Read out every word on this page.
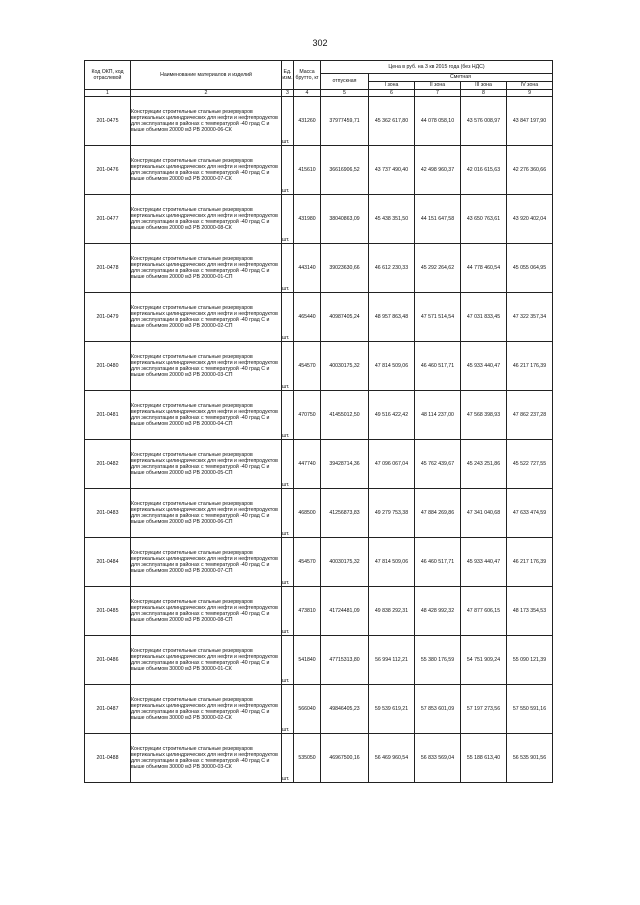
302
Код ОКП, код отраслевой	Наименование материалов и изделий	Ед. изм.	Масса брутто, кг	Цена в руб. на 3 кв 2015 года (без НДС)				
				отпускная	Сметная			
					I зона	II зона	III зона	IV зона
1	2	3	4	5	6	7	8	9
201-0475	Конструкции строительные стальные резервуаров вертикальных цилиндрических для нефти и нефтепродуктов для эксплуатации в районах с температурой -40 град С и выше объемом 20000 м3 РВ 20000-06-СК	шт.	431260	37977459,71	45 362 617,80	44 078 058,10	43 576 008,97	43 847 197,90
201-0476	Конструкции строительные стальные резервуаров вертикальных цилиндрических для нефти и нефтепродуктов для эксплуатации в районах с температурой -40 град С и выше объемом 20000 м3 РВ 20000-07-СК	шт.	415610	36616906,52	43 737 490,40	42 498 960,37	42 016 615,63	42 276 360,66
201-0477	Конструкции строительные стальные резервуаров вертикальных цилиндрических для нефти и нефтепродуктов для эксплуатации в районах с температурой -40 град С и выше объемом 20000 м3 РВ 20000-08-СК	шт.	431980	38040863,09	45 438 351,50	44 151 647,58	43 650 763,61	43 920 402,04
201-0478	Конструкции строительные стальные резервуаров вертикальных цилиндрических для нефти и нефтепродуктов для эксплуатации в районах с температурой -40 град С и выше объемом 20000 м3 РВ 20000-01-СП	шт.	443140	39023630,66	46 612 230,33	45 292 264,62	44 778 460,54	45 055 064,95
201-0479	Конструкции строительные стальные резервуаров вертикальных цилиндрических для нефти и нефтепродуктов для эксплуатации в районах с температурой -40 град С и выше объемом 20000 м3 РВ 20000-02-СП	шт.	465440	40987405,24	48 957 863,48	47 571 514,54	47 031 833,45	47 322 357,34
201-0480	Конструкции строительные стальные резервуаров вертикальных цилиндрических для нефти и нефтепродуктов для эксплуатации в районах с температурой -40 град С и выше объемом 20000 м3 РВ 20000-03-СП	шт.	454570	40030175,32	47 814 509,06	46 460 517,71	45 933 440,47	46 217 176,39
201-0481	Конструкции строительные стальные резервуаров вертикальных цилиндрических для нефти и нефтепродуктов для эксплуатации в районах с температурой -40 град С и выше объемом 20000 м3 РВ 20000-04-СП	шт.	470750	41455012,50	49 516 422,42	48 114 237,00	47 568 398,93	47 862 237,28
201-0482	Конструкции строительные стальные резервуаров вертикальных цилиндрических для нефти и нефтепродуктов для эксплуатации в районах с температурой -40 град С и выше объемом 20000 м3 РВ 20000-05-СП	шт.	447740	39428714,36	47 096 067,04	45 762 439,67	45 243 251,86	45 522 727,55
201-0483	Конструкции строительные стальные резервуаров вертикальных цилиндрических для нефти и нефтепродуктов для эксплуатации в районах с температурой -40 град С и выше объемом 20000 м3 РВ 20000-06-СП	шт.	468500	41256873,83	49 279 753,38	47 884 269,86	47 341 040,68	47 633 474,59
201-0484	Конструкции строительные стальные резервуаров вертикальных цилиндрических для нефти и нефтепродуктов для эксплуатации в районах с температурой -40 град С и выше объемом 20000 м3 РВ 20000-07-СП	шт.	454570	40030175,32	47 814 509,06	46 460 517,71	45 933 440,47	46 217 176,39
201-0485	Конструкции строительные стальные резервуаров вертикальных цилиндрических для нефти и нефтепродуктов для эксплуатации в районах с температурой -40 град С и выше объемом 20000 м3 РВ 20000-08-СП	шт.	473810	41724481,09	49 838 292,31	48 428 992,32	47 877 606,15	48 173 354,53
201-0486	Конструкции строительные стальные резервуаров вертикальных цилиндрических для нефти и нефтепродуктов для эксплуатации в районах с температурой -40 град С и выше объемом 30000 м3 РВ 30000-01-СК	шт.	541840	47715313,80	56 994 112,21	55 380 176,59	54 751 909,24	55 090 121,39
201-0487	Конструкции строительные стальные резервуаров вертикальных цилиндрических для нефти и нефтепродуктов для эксплуатации в районах с температурой -40 град С и выше объемом 30000 м3 РВ 30000-02-СК	шт.	566040	49846405,23	59 539 619,21	57 853 601,09	57 197 273,56	57 550 591,16
201-0488	Конструкции строительные стальные резервуаров вертикальных цилиндрических для нефти и нефтепродуктов для эксплуатации в районах с температурой -40 град С и выше объемом 30000 м3 РВ 30000-03-СК	шт.	535050	46967500,16	56 469 960,54	56 833 569,04	55 188 613,40	56 535 901,56
